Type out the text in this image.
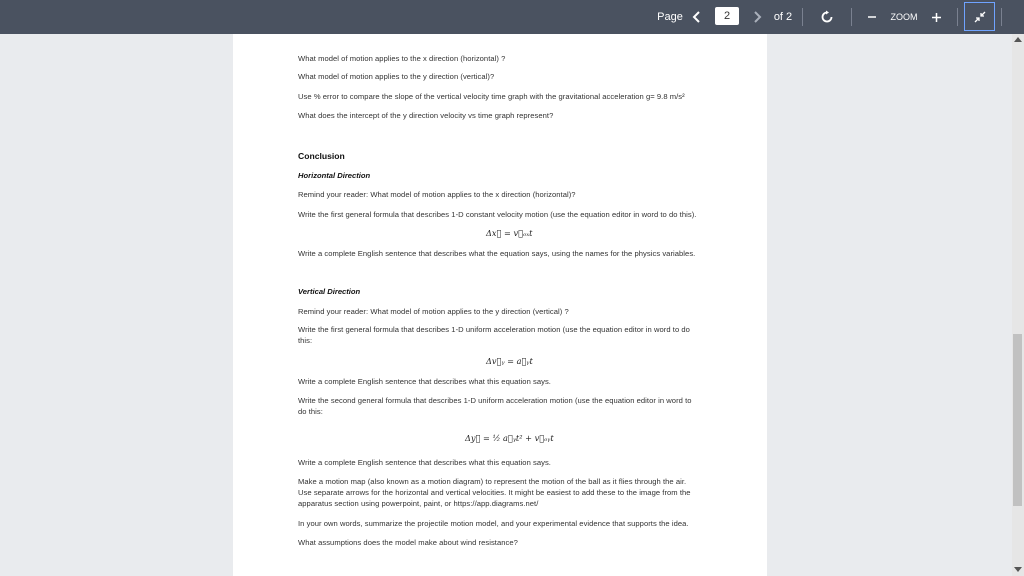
Page	2	of 2	ZOOM
What model of motion applies to the x direction (horizontal) ?
What model of motion applies to the y direction (vertical)?
Use % error to compare the slope of the vertical velocity time graph with the gravitational acceleration g= 9.8 m/s²
What does the intercept of the y direction velocity vs time graph represent?
Conclusion
Horizontal Direction
Remind your reader: What model of motion applies to the x direction (horizontal)?
Write the first general formula that describes 1-D constant velocity motion (use the equation editor in word to do this).
Δx⃗ = v⃗ₒₓt
Write a complete English sentence that describes what the equation says, using the names for the physics variables.
Vertical Direction
Remind your reader: What model of motion applies to the y direction (vertical) ?
Write the first general formula that describes 1-D uniform acceleration motion (use the equation editor in word to do
this:
Δv⃗ᵧ = a⃗ᵧt
Write a complete English sentence that describes what this equation says.
Write the second general formula that describes 1-D uniform acceleration motion (use the equation editor in word to
do this:
Δy⃗ = ½ a⃗ᵧt² + v⃗ₒᵧt
Write a complete English sentence that describes what this equation says.
Make a motion map (also known as a motion diagram) to represent the motion of the ball as it flies through the air.
Use separate arrows for the horizontal and vertical velocities. It might be easiest to add these to the image from the
apparatus section using powerpoint, paint, or https://app.diagrams.net/
In your own words, summarize the projectile motion model, and your experimental evidence that supports the idea.
What assumptions does the model make about wind resistance?
